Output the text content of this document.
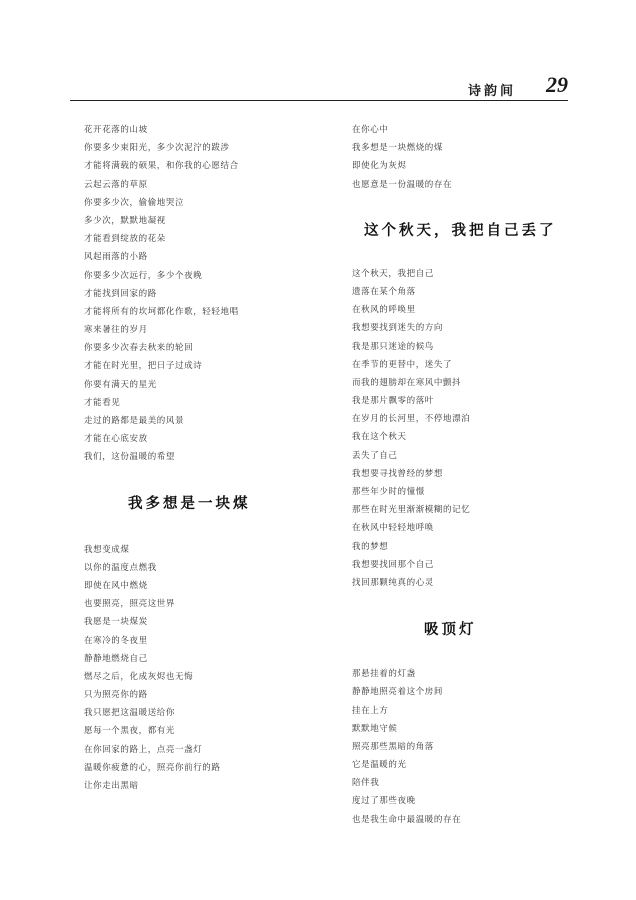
诗韵间 29
花开花落的山坡
你要多少束阳光，多少次泥泞的跋涉
才能将满载的硕果，和你我的心愿结合
云起云落的草原
你要多少次，偷偷地哭泣
多少次，默默地凝视
才能看到绽放的花朵
风起雨落的小路
你要多少次远行，多少个夜晚
才能找到回家的路
才能将所有的坎坷都化作歌，轻轻地唱
寒来暑往的岁月
你要多少次春去秋来的轮回
才能在时光里，把日子过成诗
你要有满天的星光
才能看见
走过的路都是最美的风景
才能在心底安放
我们，这份温暖的希望
我多想是一块煤
我想变成煤
以你的温度点燃我
即使在风中燃烧
也要照亮，照亮这世界
我愿是一块煤炭
在寒冷的冬夜里
静静地燃烧自己
燃尽之后，化成灰烬也无悔
只为照亮你的路
我只愿把这温暖送给你
愿每一个黑夜，都有光
在你回家的路上，点亮一盏灯
温暖你疲惫的心，照亮你前行的路
让你走出黑暗
在你心中
我多想是一块燃烧的煤
即使化为灰烬
也愿意是一份温暖的存在
这个秋天，我把自己丢了
这个秋天，我把自己
遗落在某个角落
在秋风的呼唤里
我想要找到迷失的方向
我是那只迷途的候鸟
在季节的更替中，迷失了
而我的翅膀却在寒风中颤抖
我是那片飘零的落叶
在岁月的长河里，不停地漂泊
我在这个秋天
丢失了自己
我想要寻找曾经的梦想
那些年少时的憧憬
那些在时光里渐渐模糊的记忆
在秋风中轻轻地呼唤
我的梦想
我想要找回那个自己
找回那颗纯真的心灵
吸顶灯
那悬挂着的灯盏
静静地照亮着这个房间
挂在上方
默默地守候
照亮那些黑暗的角落
它是温暖的光
陪伴我
度过了那些夜晚
也是我生命中最温暖的存在
